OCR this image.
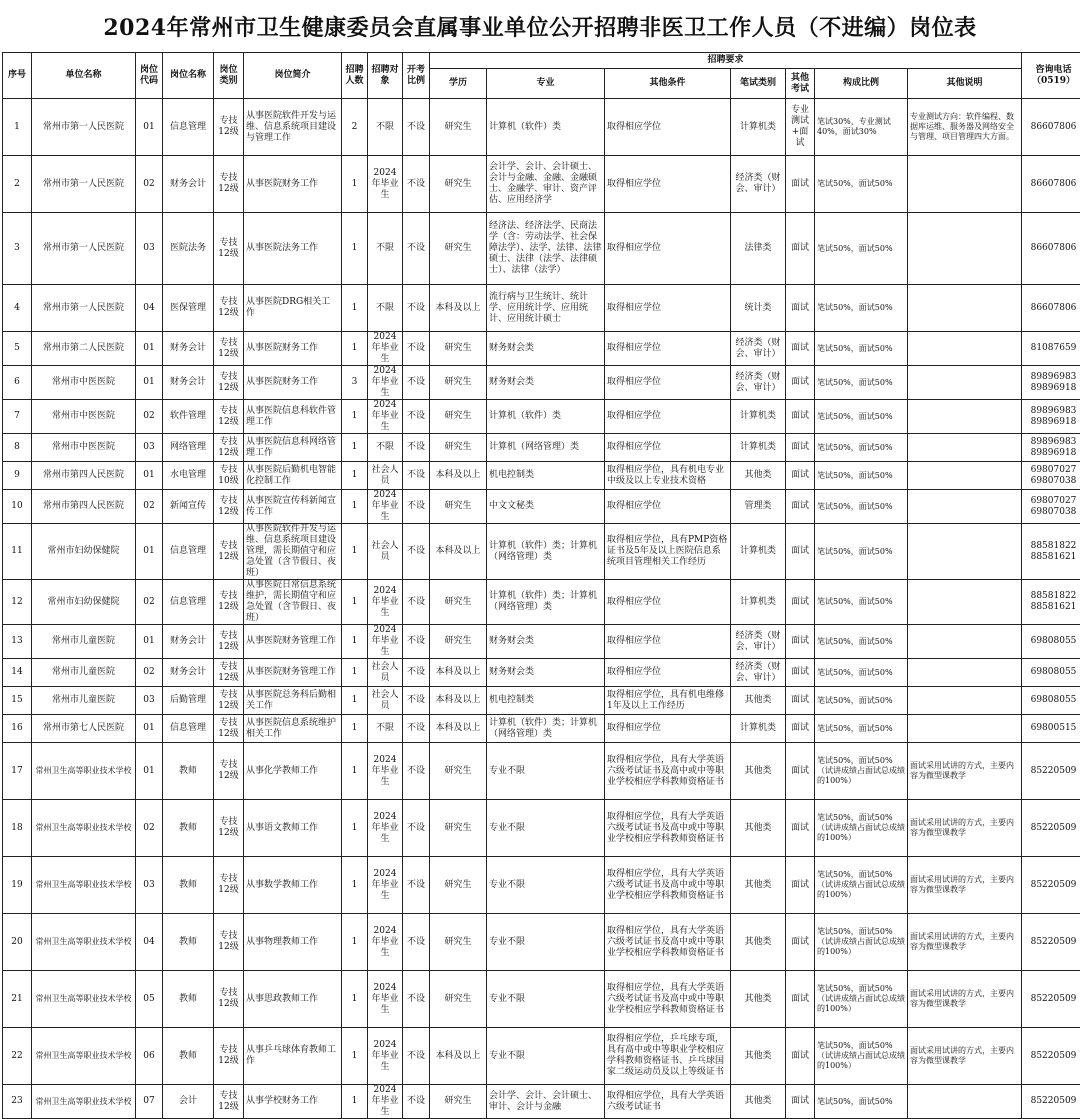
2024年常州市卫生健康委员会直属事业单位公开招聘非医卫工作人员（不进编）岗位表
序号	单位名称	岗位代码	岗位名称	岗位类别	岗位简介	招聘人数	招聘对象	开考比例	招聘要求							咨询电话（0519）
									学历	专业	其他条件	笔试类别	其他考试	构成比例	其他说明	
1	常州市第一人民医院	01	信息管理	专技12级	从事医院软件开发与运维、信息系统项目建设与管理工作	2	不限	不设	研究生	计算机（软件）类	取得相应学位	计算机类	专业测试+面试	笔试30%，专业测试40%，面试30%	专业测试方向：软件编程、数据库运维、服务器及网络安全与管理、项目管理四大方面。	86607806
2	常州市第一人民医院	02	财务会计	专技12级	从事医院财务工作	1	2024年毕业生	不设	研究生	会计学、会计、会计硕士、会计与金融、金融、金融硕士、金融学、审计、资产评估、应用经济学	取得相应学位	经济类（财会、审计）	面试	笔试50%，面试50%		86607806
3	常州市第一人民医院	03	医院法务	专技12级	从事医院法务工作	1	不限	不设	研究生	经济法、经济法学、民商法学（含：劳动法学、社会保障法学）、法学、法律、法律硕士、法律（法学、法律硕士）、法律（法学）	取得相应学位	法律类	面试	笔试50%，面试50%		86607806
4	常州市第一人民医院	04	医保管理	专技12级	从事医院DRG相关工作	1	不限	不设	本科及以上	流行病与卫生统计、统计学、应用统计学、应用统计、应用统计硕士	取得相应学位	统计类	面试	笔试50%，面试50%		86607806
5	常州市第二人民医院	01	财务会计	专技12级	从事医院财务工作	1	2024年毕业生	不设	研究生	财务财会类	取得相应学位	经济类（财会、审计）	面试	笔试50%，面试50%		81087659
6	常州市中医医院	01	财务会计	专技12级	从事医院财务工作	3	2024年毕业生	不设	研究生	财务财会类	取得相应学位	经济类（财会、审计）	面试	笔试50%，面试50%		89896983 89896918
7	常州市中医医院	02	软件管理	专技12级	从事医院信息科软件管理工作	1	2024年毕业生	不设	研究生	计算机（软件）类	取得相应学位	计算机类	面试	笔试50%，面试50%		89896983 89896918
8	常州市中医医院	03	网络管理	专技12级	从事医院信息科网络管理工作	1	不限	不设	研究生	计算机（网络管理）类	取得相应学位	计算机类	面试	笔试50%，面试50%		89896983 89896918
9	常州市第四人民医院	01	水电管理	专技10级	从事医院后勤机电智能化控制工作	1	社会人员	不设	本科及以上	机电控制类	取得相应学位，具有机电专业中级及以上专业技术资格	其他类	面试	笔试50%，面试50%		69807027 69807038
10	常州市第四人民医院	02	新闻宣传	专技12级	从事医院宣传科新闻宣传工作	1	2024年毕业生	不设	研究生	中文文秘类	取得相应学位	管理类	面试	笔试50%，面试50%		69807027 69807038
11	常州市妇幼保健院	01	信息管理	专技12级	从事医院软件开发与运维、信息系统项目建设管理，需长期值守和应急处置（含节假日、夜班）	1	社会人员	不设	本科及以上	计算机（软件）类；计算机（网络管理）类	取得相应学位，具有PMP资格证书及5年及以上医院信息系统项目管理相关工作经历	计算机类	面试	笔试50%，面试50%		88581822 88581621
12	常州市妇幼保健院	02	信息管理	专技12级	从事医院日常信息系统维护，需长期值守和应急处置（含节假日、夜班）	1	2024年毕业生	不设	研究生	计算机（软件）类；计算机（网络管理）类	取得相应学位	计算机类	面试	笔试50%，面试50%		88581822 88581621
13	常州市儿童医院	01	财务会计	专技12级	从事医院财务管理工作	1	2024年毕业生	不设	研究生	财务财会类	取得相应学位	经济类（财会、审计）	面试	笔试50%，面试50%		69808055
14	常州市儿童医院	02	财务会计	专技12级	从事医院财务管理工作	1	社会人员	不设	本科及以上	财务财会类	取得相应学位	经济类（财会、审计）	面试	笔试50%，面试50%		69808055
15	常州市儿童医院	03	后勤管理	专技12级	从事医院总务科后勤相关工作	1	社会人员	不设	本科及以上	机电控制类	取得相应学位，具有机电维修1年及以上工作经历	其他类	面试	笔试50%，面试50%		69808055
16	常州市第七人民医院	01	信息管理	专技12级	从事医院信息系统维护相关工作	1	不限	不设	本科及以上	计算机（软件）类；计算机（网络管理）类	取得相应学位	计算机类	面试	笔试50%，面试50%		69800515
17	常州卫生高等职业技术学校	01	教师	专技12级	从事化学教师工作	1	2024年毕业生	不设	研究生	专业不限	取得相应学位，具有大学英语六级考试证书及高中或中等职业学校相应学科教师资格证书	其他类	面试	笔试50%，面试50%（试讲成绩占面试总成绩的100%）	面试采用试讲的方式，主要内容为微型课教学	85220509
18	常州卫生高等职业技术学校	02	教师	专技12级	从事语文教师工作	1	2024年毕业生	不设	研究生	专业不限	取得相应学位，具有大学英语六级考试证书及高中或中等职业学校相应学科教师资格证书	其他类	面试	笔试50%，面试50%（试讲成绩占面试总成绩的100%）	面试采用试讲的方式，主要内容为微型课教学	85220509
19	常州卫生高等职业技术学校	03	教师	专技12级	从事数学教师工作	1	2024年毕业生	不设	研究生	专业不限	取得相应学位，具有大学英语六级考试证书及高中或中等职业学校相应学科教师资格证书	其他类	面试	笔试50%，面试50%（试讲成绩占面试总成绩的100%）	面试采用试讲的方式，主要内容为微型课教学	85220509
20	常州卫生高等职业技术学校	04	教师	专技12级	从事物理教师工作	1	2024年毕业生	不设	研究生	专业不限	取得相应学位，具有大学英语六级考试证书及高中或中等职业学校相应学科教师资格证书	其他类	面试	笔试50%，面试50%（试讲成绩占面试总成绩的100%）	面试采用试讲的方式，主要内容为微型课教学	85220509
21	常州卫生高等职业技术学校	05	教师	专技12级	从事思政教师工作	1	2024年毕业生	不设	研究生	专业不限	取得相应学位，具有大学英语六级考试证书及高中或中等职业学校相应学科教师资格证书	其他类	面试	笔试50%，面试50%（试讲成绩占面试总成绩的100%）	面试采用试讲的方式，主要内容为微型课教学	85220509
22	常州卫生高等职业技术学校	06	教师	专技12级	从事乒乓球体育教师工作	1	2024年毕业生	不设	本科及以上	专业不限	取得相应学位，乒乓球专项，具有高中或中等职业学校相应学科教师资格证书、乒乓球国家二级运动员及以上等级证书	其他类	面试	笔试50%，面试50%（试讲成绩占面试总成绩的100%）	面试采用试讲的方式，主要内容为微型课教学	85220509
23	常州卫生高等职业技术学校	07	会计	专技12级	从事学校财务工作	1	2024年毕业生	不设	研究生	会计学、会计、会计硕士、审计、会计与金融	取得相应学位，具有大学英语六级考试证书	其他类	面试	笔试50%，面试50%		85220509
